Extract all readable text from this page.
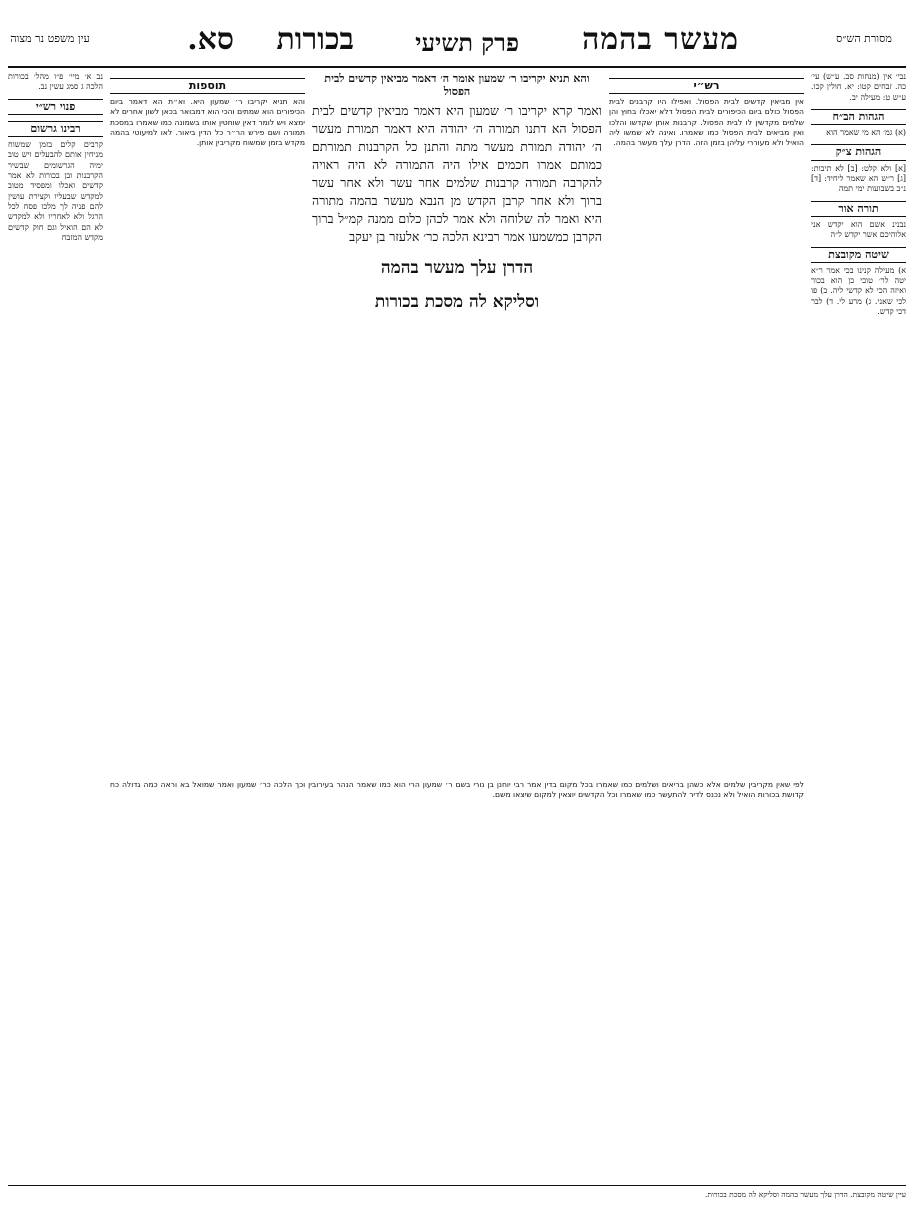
מסורת הש״ס
מעשר בהמה
פרק תשיעי
בכורות
סא.
עין משפט נר מצוה

נבי׳ אין (מנחות סב. ע״ש) עי׳ כה. זבחים קטו: יא. חולין קכו. ע״ש ט: מעילה יב.

הגהות הב״ח

(א) גמ׳ הא מי שאמר הוא

הגהות צ״ק

[א] ולא קלט: [ב] לא תיבות: [ג] ר״ש הא שאמר ליחיד: [ד] נ״ב בשבועות ימי תמה

תורה אור

נבנינ אשם הוא יקדש אני אלוהיכם אשר יקדש ל״ה

שיטה מקובצת

א) מעילה קנינו בכי אמר ר״א יטה לר׳ טובי בן הוא בכור ואיזה הכי לא קדשי ליה. ב) פו לכי שאני. ג) מרע לי. ד) לבר דכי קדש.

רש״י

אין מביאין קדשים לבית הפסול. ואפילו היו קרבנים לבית הפסול כולם ביום הכיפורים לבית הפסול דלא יאכלו בחוץ והן שלמים מקדשין לו לבית הפסול. קרבנות אותן שקדשו והלכו ואין מביאים לבית הפסול כמו שאמרו. ואינה לא שמשו ליה הואיל ולא מעוררי עליהן בזמן הזה. הדרן עלך מעשר בהמה.

והא תניא יקריבו ר׳ שמעון אומר ה׳ דאמר מביאין קדשים לבית הפסול
ואמר קרא יקריבו ר׳ שמעון היא דאמר מביאין קדשים לבית הפסול הא דתנו תמורה ה׳ יהודה היא דאמר תמורת מעשר ה׳ יהודה תמורת מעשר מתה והתנן כל הקרבנות תמורתם כמותם אמרו חכמים אילו היה התמורה לא היה ראויה להקרבה תמורה קרבנות שלמים אחר עשר ולא אחר עשר ברוך ולא אחר קרבן הקדש מן הנבא מעשר בהמה מתורה היא ואמר לה שלוחה ולא אמר לכהן כלום ממנה קמ״ל ברוך הקרבן כמשמעו אמר רבינא הלכה כר׳ אלעזר בן יעקב
הדרן עלך מעשר בהמה
וסליקא לה מסכת בכורות
תוספות

והא תניא יקריבו ר׳ שמעון היא. וא״ת הא דאמר ביום הכיפורים הוא שמתים והכי הוא דמבואר בכאן לשון אחרים לא ימצא ויש לומר דאין שוחטין אותו בשמונה כמו שאמרו במסכת תמורה ושם פירש הר״ר כל הדין ביאור. לאו למיעוטי בהמה מקדש בזמן שמשוח מקריבין אותן.

נב א׳ מיי׳ פ״ו מהל׳ בכורות הלכה ג סמג עשין נב.

פנוי רש״י
רבינו גרשום

קרבים קלים בזמן שמשוח מניחין אותם להבעלים ויש טוב ימיה הגרשומים שבשיר הקרבנות ובן בכורות לא אמר קדשים ואכלו ומפסיד מטוב למקדש שבעליו וקצירת עושין להם פניה לך מלכו פסח לכל הרגל ולא לאחריו ולא למקדש לא הם הואיל וגם חוק קדשים מקדש המזבח

לפי שאין מקריבין שלמים אלא כשהן בריאים ושלמים כמו שאמרו בכל מקום בדין אמר רבי יוחנן בן נורי בשם ר׳ שמעון הרי הוא כמו שאמר הנהר בעירובין וכך הלכה כר׳ שמעון ואמר שמואל בא וראה כמה גדולה כח קדושת בכורות הואיל ולא נכנס לדיר להתעשר כמו שאמרו וכל הקדשים יוצאין למקום שיצאו משם.
עיין שיטה מקובצת. הדרן עלך מעשר בהמה וסליקא לה מסכת בכורות.
